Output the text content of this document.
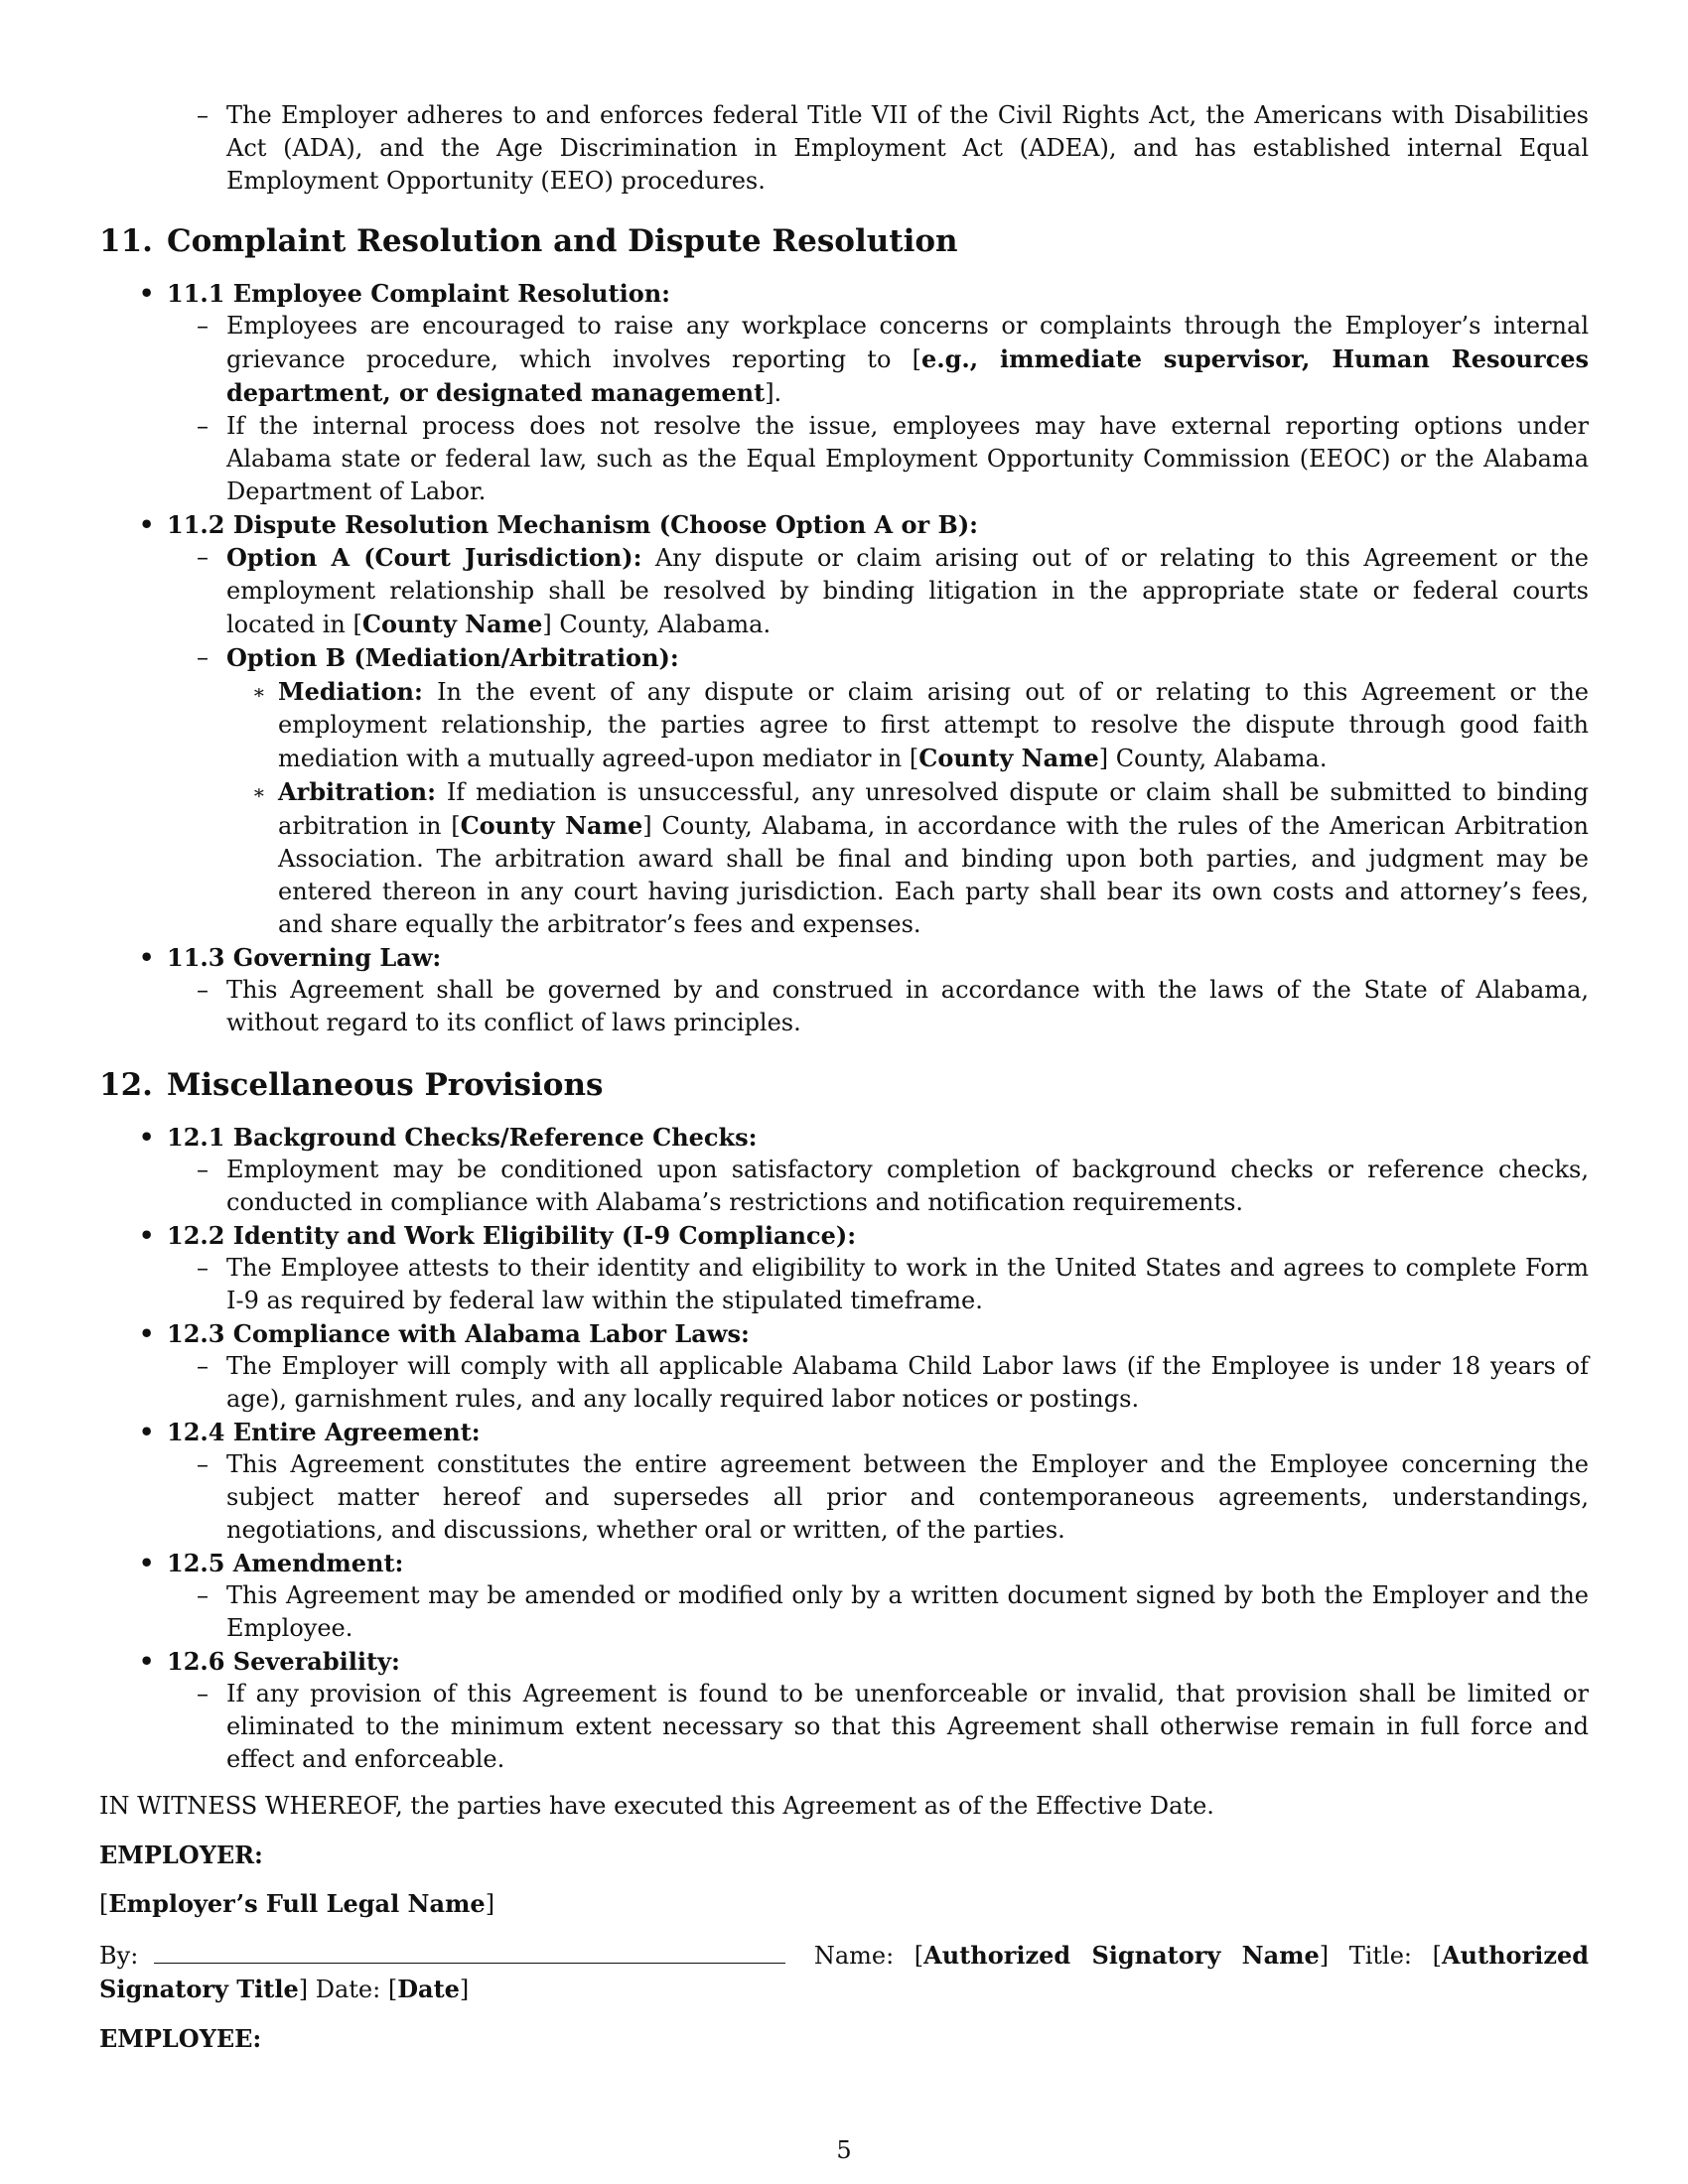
– The Employer adheres to and enforces federal Title VII of the Civil Rights Act, the Americans with Disabilities Act (ADA), and the Age Discrimination in Employment Act (ADEA), and has established internal Equal Employment Opportunity (EEO) procedures.
11. Complaint Resolution and Dispute Resolution
• 11.1 Employee Complaint Resolution:
– Employees are encouraged to raise any workplace concerns or complaints through the Employer’s internal grievance procedure, which involves reporting to [e.g., immediate supervisor, Human Resources department, or designated management].
– If the internal process does not resolve the issue, employees may have external reporting options under Alabama state or federal law, such as the Equal Employment Opportunity Commission (EEOC) or the Alabama Department of Labor.
• 11.2 Dispute Resolution Mechanism (Choose Option A or B):
– Option A (Court Jurisdiction): Any dispute or claim arising out of or relating to this Agreement or the employment relationship shall be resolved by binding litigation in the appropriate state or federal courts located in [County Name] County, Alabama.
– Option B (Mediation/Arbitration):
∗ Mediation: In the event of any dispute or claim arising out of or relating to this Agreement or the employment relationship, the parties agree to first attempt to resolve the dispute through good faith mediation with a mutually agreed-upon mediator in [County Name] County, Alabama.
∗ Arbitration: If mediation is unsuccessful, any unresolved dispute or claim shall be submitted to binding arbitration in [County Name] County, Alabama, in accordance with the rules of the American Arbitration Association. The arbitration award shall be final and binding upon both parties, and judgment may be entered thereon in any court having jurisdiction. Each party shall bear its own costs and attorney’s fees, and share equally the arbitrator’s fees and expenses.
• 11.3 Governing Law:
– This Agreement shall be governed by and construed in accordance with the laws of the State of Alabama, without regard to its conflict of laws principles.
12. Miscellaneous Provisions
• 12.1 Background Checks/Reference Checks:
– Employment may be conditioned upon satisfactory completion of background checks or reference checks, conducted in compliance with Alabama’s restrictions and notification requirements.
• 12.2 Identity and Work Eligibility (I-9 Compliance):
– The Employee attests to their identity and eligibility to work in the United States and agrees to complete Form I-9 as required by federal law within the stipulated timeframe.
• 12.3 Compliance with Alabama Labor Laws:
– The Employer will comply with all applicable Alabama Child Labor laws (if the Employee is under 18 years of age), garnishment rules, and any locally required labor notices or postings.
• 12.4 Entire Agreement:
– This Agreement constitutes the entire agreement between the Employer and the Employee concerning the subject matter hereof and supersedes all prior and contemporaneous agreements, understandings, negotiations, and discussions, whether oral or written, of the parties.
• 12.5 Amendment:
– This Agreement may be amended or modified only by a written document signed by both the Employer and the Employee.
• 12.6 Severability:
– If any provision of this Agreement is found to be unenforceable or invalid, that provision shall be limited or eliminated to the minimum extent necessary so that this Agreement shall otherwise remain in full force and effect and enforceable.
IN WITNESS WHEREOF, the parties have executed this Agreement as of the Effective Date.
EMPLOYER:
[Employer’s Full Legal Name]
By:	Name: [Authorized Signatory Name] Title: [Authorized Signatory Title] Date: [Date]
EMPLOYEE:
5
